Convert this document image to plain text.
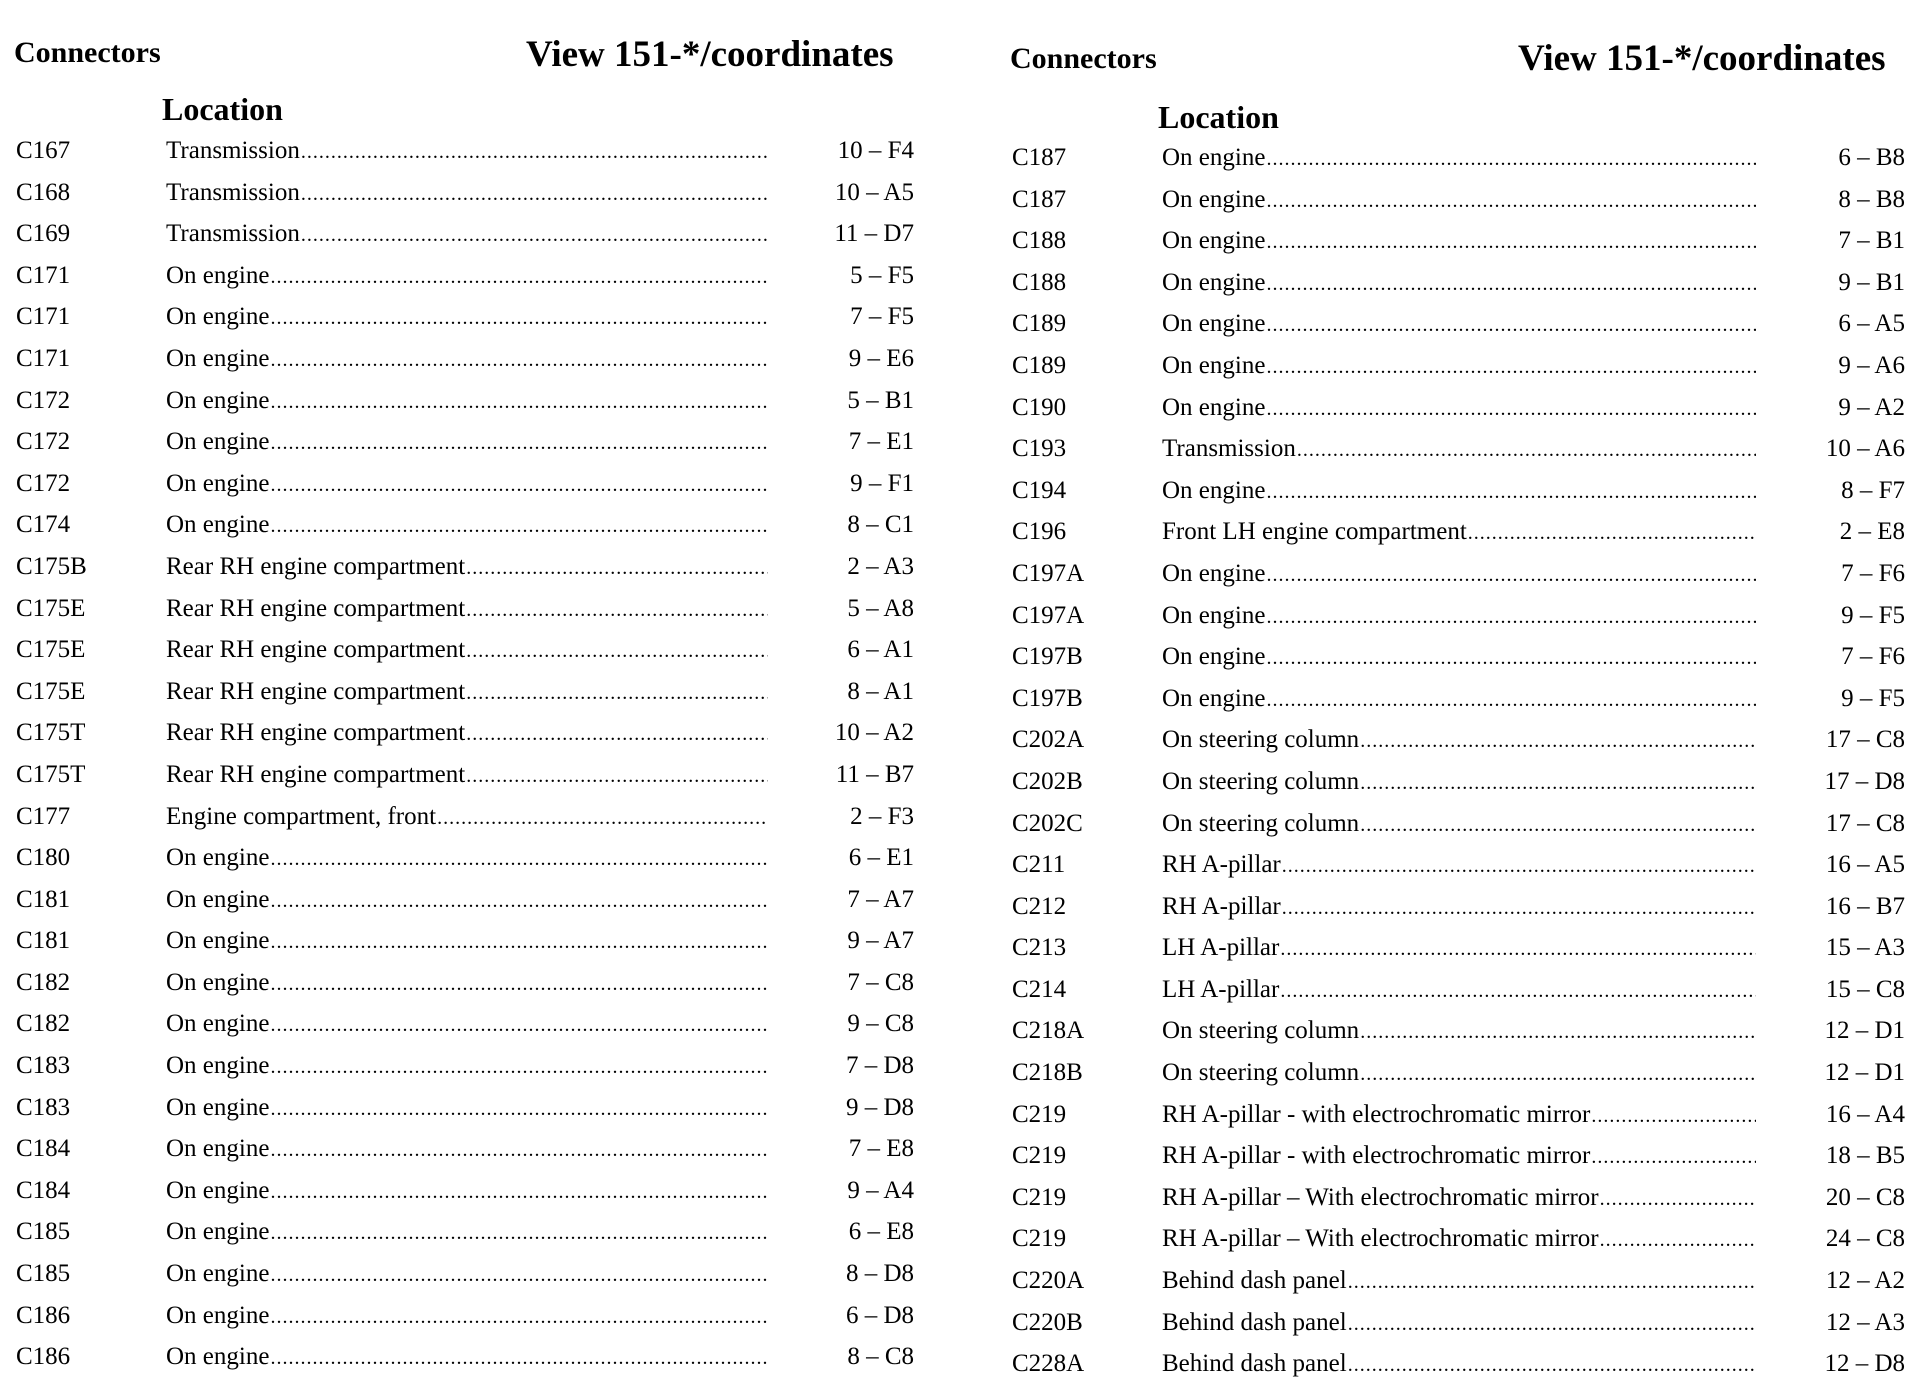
Connectors	View 151-*/coordinates
Location
C167	Transmission .....	10 – F4
C168	Transmission .....	10 – A5
C169	Transmission .....	11 – D7
C171	On engine .....	5 – F5
C171	On engine .....	7 – F5
C171	On engine .....	9 – E6
C172	On engine .....	5 – B1
C172	On engine .....	7 – E1
C172	On engine .....	9 – F1
C174	On engine .....	8 – C1
C175B	Rear RH engine compartment .....	2 – A3
C175E	Rear RH engine compartment .....	5 – A8
C175E	Rear RH engine compartment .....	6 – A1
C175E	Rear RH engine compartment .....	8 – A1
C175T	Rear RH engine compartment .....	10 – A2
C175T	Rear RH engine compartment .....	11 – B7
C177	Engine compartment, front .....	2 – F3
C180	On engine .....	6 – E1
C181	On engine .....	7 – A7
C181	On engine .....	9 – A7
C182	On engine .....	7 – C8
C182	On engine .....	9 – C8
C183	On engine .....	7 – D8
C183	On engine .....	9 – D8
C184	On engine .....	7 – E8
C184	On engine .....	9 – A4
C185	On engine .....	6 – E8
C185	On engine .....	8 – D8
C186	On engine .....	6 – D8
C186	On engine .....	8 – C8
Connectors	View 151-*/coordinates
Location
C187	On engine .....	6 – B8
C187	On engine .....	8 – B8
C188	On engine .....	7 – B1
C188	On engine .....	9 – B1
C189	On engine .....	6 – A5
C189	On engine .....	9 – A6
C190	On engine .....	9 – A2
C193	Transmission .....	10 – A6
C194	On engine .....	8 – F7
C196	Front LH engine compartment .....	2 – E8
C197A	On engine .....	7 – F6
C197A	On engine .....	9 – F5
C197B	On engine .....	7 – F6
C197B	On engine .....	9 – F5
C202A	On steering column .....	17 – C8
C202B	On steering column .....	17 – D8
C202C	On steering column .....	17 – C8
C211	RH A-pillar .....	16 – A5
C212	RH A-pillar .....	16 – B7
C213	LH A-pillar .....	15 – A3
C214	LH A-pillar .....	15 – C8
C218A	On steering column .....	12 – D1
C218B	On steering column .....	12 – D1
C219	RH A-pillar - with electrochromatic mirror .....	16 – A4
C219	RH A-pillar - with electrochromatic mirror .....	18 – B5
C219	RH A-pillar – With electrochromatic mirror .....	20 – C8
C219	RH A-pillar – With electrochromatic mirror .....	24 – C8
C220A	Behind dash panel .....	12 – A2
C220B	Behind dash panel .....	12 – A3
C228A	Behind dash panel .....	12 – D8
